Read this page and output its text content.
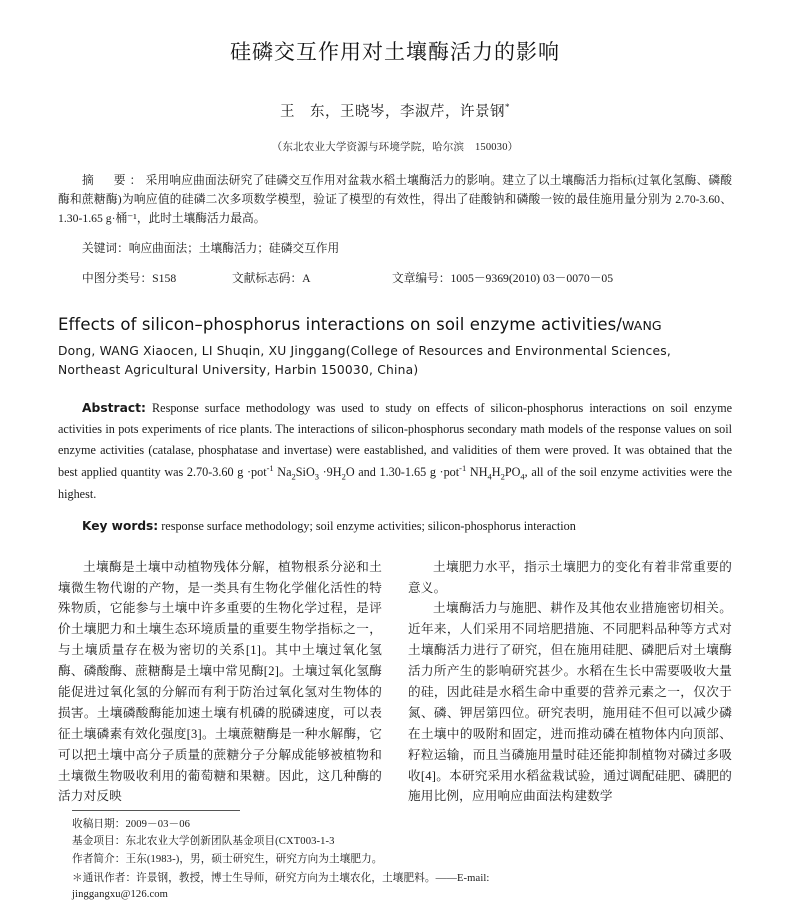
硅磷交互作用对土壤酶活力的影响
王　东，王晓岑，李淑芹，许景钢*
（东北农业大学资源与环境学院，哈尔滨　150030）

摘　要：采用响应曲面法研究了硅磷交互作用对盆栽水稻土壤酶活力的影响。建立了以土壤酶活力指标(过氧化氢酶、磷酸酶和蔗糖酶)为响应值的硅磷二次多项数学模型，验证了模型的有效性，得出了硅酸钠和磷酸一铵的最佳施用量分别为 2.70-3.60、1.30-1.65 g·桶⁻¹，此时土壤酶活力最高。

关键词：响应曲面法；土壤酶活力；硅磷交互作用
中图分类号：S158	文献标志码：A	文章编号：1005－9369(2010) 03－0070－05
Effects of silicon–phosphorus interactions on soil enzyme activities/WANG
Dong, WANG Xiaocen, LI Shuqin, XU Jinggang(College of Resources and Environmental Sciences, Northeast Agricultural University, Harbin 150030, China)
Abstract: Response surface methodology was used to study on effects of silicon-phosphorus interactions on soil enzyme activities in pots experiments of rice plants. The interactions of silicon-phosphorus secondary math models of the response values on soil enzyme activities (catalase, phosphatase and invertase) were eastablished, and validities of them were proved. It was obtained that the best applied quantity was 2.70-3.60 g ·pot$^{-1}$ $Na_2SiO_3 \cdot 9H_2O$ and 1.30-1.65 g ·pot$^{-1}$ $NH_4H_2PO_4$, all of the soil enzyme activities were the highest.
Key words: response surface methodology; soil enzyme activities; silicon-phosphorus interaction

土壤酶是土壤中动植物残体分解，植物根系分泌和土壤微生物代谢的产物，是一类具有生物化学催化活性的特殊物质，它能参与土壤中许多重要的生物化学过程，是评价土壤肥力和土壤生态环境质量的重要生物学指标之一，与土壤质量存在极为密切的关系[1]。其中土壤过氧化氢酶、磷酸酶、蔗糖酶是土壤中常见酶[2]。土壤过氧化氢酶能促进过氧化氢的分解而有利于防治过氧化氢对生物体的损害。土壤磷酸酶能加速土壤有机磷的脱磷速度，可以表征土壤磷素有效化强度[3]。土壤蔗糖酶是一种水解酶，它可以把土壤中高分子质量的蔗糖分子分解成能够被植物和土壤微生物吸收利用的葡萄糖和果糖。因此，这几种酶的活力对反映

土壤肥力水平，指示土壤肥力的变化有着非常重要的意义。

土壤酶活力与施肥、耕作及其他农业措施密切相关。近年来，人们采用不同培肥措施、不同肥料品种等方式对土壤酶活力进行了研究，但在施用硅肥、磷肥后对土壤酶活力所产生的影响研究甚少。水稻在生长中需要吸收大量的硅，因此硅是水稻生命中重要的营养元素之一，仅次于氮、磷、钾居第四位。研究表明，施用硅不但可以减少磷在土壤中的吸附和固定，进而推动磷在植物体内向顶部、籽粒运输，而且当磷施用量时硅还能抑制植物对磷过多吸收[4]。本研究采用水稻盆栽试验，通过调配硅肥、磷肥的施用比例，应用响应曲面法构建数学

收稿日期：2009－03－06

基金项目：东北农业大学创新团队基金项目(CXT003-1-3

作者简介：王东(1983-)，男，硕士研究生，研究方向为土壤肥力。

＊通讯作者：许景钢，教授，博士生导师，研究方向为土壤农化，土壤肥料。——E-mail: jinggangxu@126.com
